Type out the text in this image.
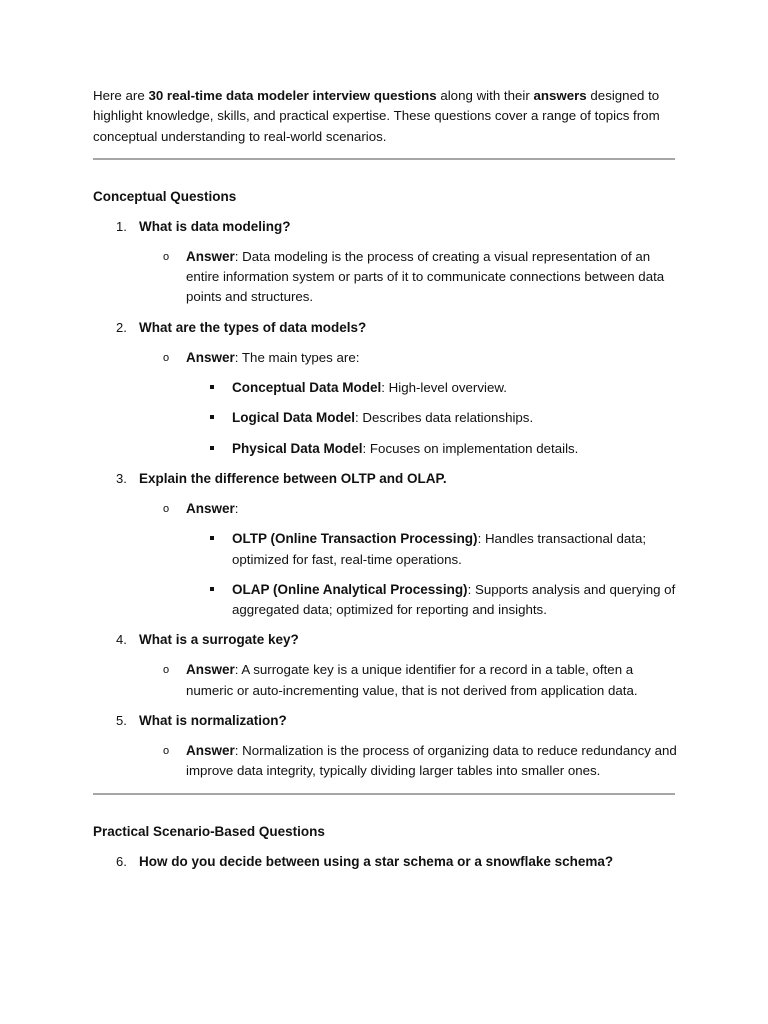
Here are 30 real-time data modeler interview questions along with their answers designed to highlight knowledge, skills, and practical expertise. These questions cover a range of topics from conceptual understanding to real-world scenarios.

Conceptual Questions

1. What is data modeling?

o Answer: Data modeling is the process of creating a visual representation of an entire information system or parts of it to communicate connections between data points and structures.

2. What are the types of data models?

o Answer: The main types are:

Conceptual Data Model: High-level overview.

Logical Data Model: Describes data relationships.

Physical Data Model: Focuses on implementation details.

3. Explain the difference between OLTP and OLAP.

o Answer:

OLTP (Online Transaction Processing): Handles transactional data; optimized for fast, real-time operations.

OLAP (Online Analytical Processing): Supports analysis and querying of aggregated data; optimized for reporting and insights.

4. What is a surrogate key?

o Answer: A surrogate key is a unique identifier for a record in a table, often a numeric or auto-incrementing value, that is not derived from application data.

5. What is normalization?

o Answer: Normalization is the process of organizing data to reduce redundancy and improve data integrity, typically dividing larger tables into smaller ones.

Practical Scenario-Based Questions

6. How do you decide between using a star schema or a snowflake schema?
